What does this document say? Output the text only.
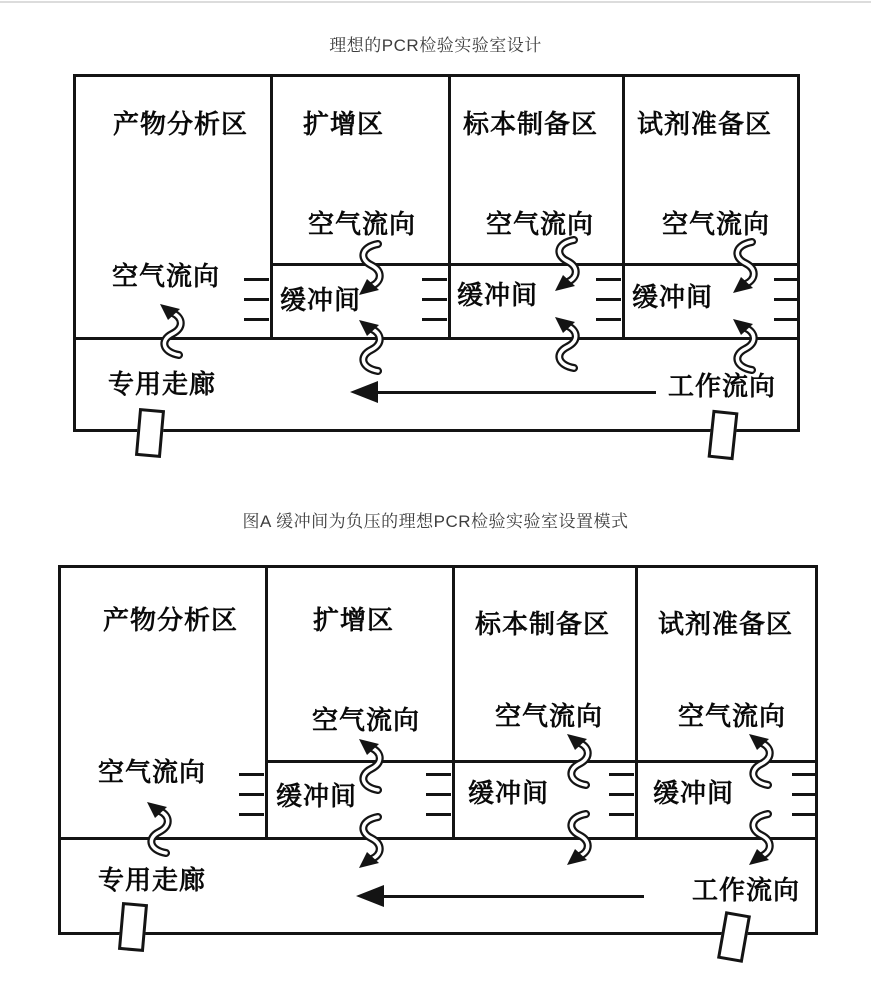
理想的PCR检验实验室设计
产物分析区 扩增区	标本制备区 试剂准备区
空气流向
空气流向	空气流向	空气流向
缓冲间	缓冲间	缓冲间
专用走廊	工作流向
图A 缓冲间为负压的理想PCR检验实验室设置模式
产物分析区	扩增区	标本制备区 试剂准备区
空气流向
空气流向	空气流向	空气流向
缓冲间	缓冲间	缓冲间
专用走廊	工作流向
